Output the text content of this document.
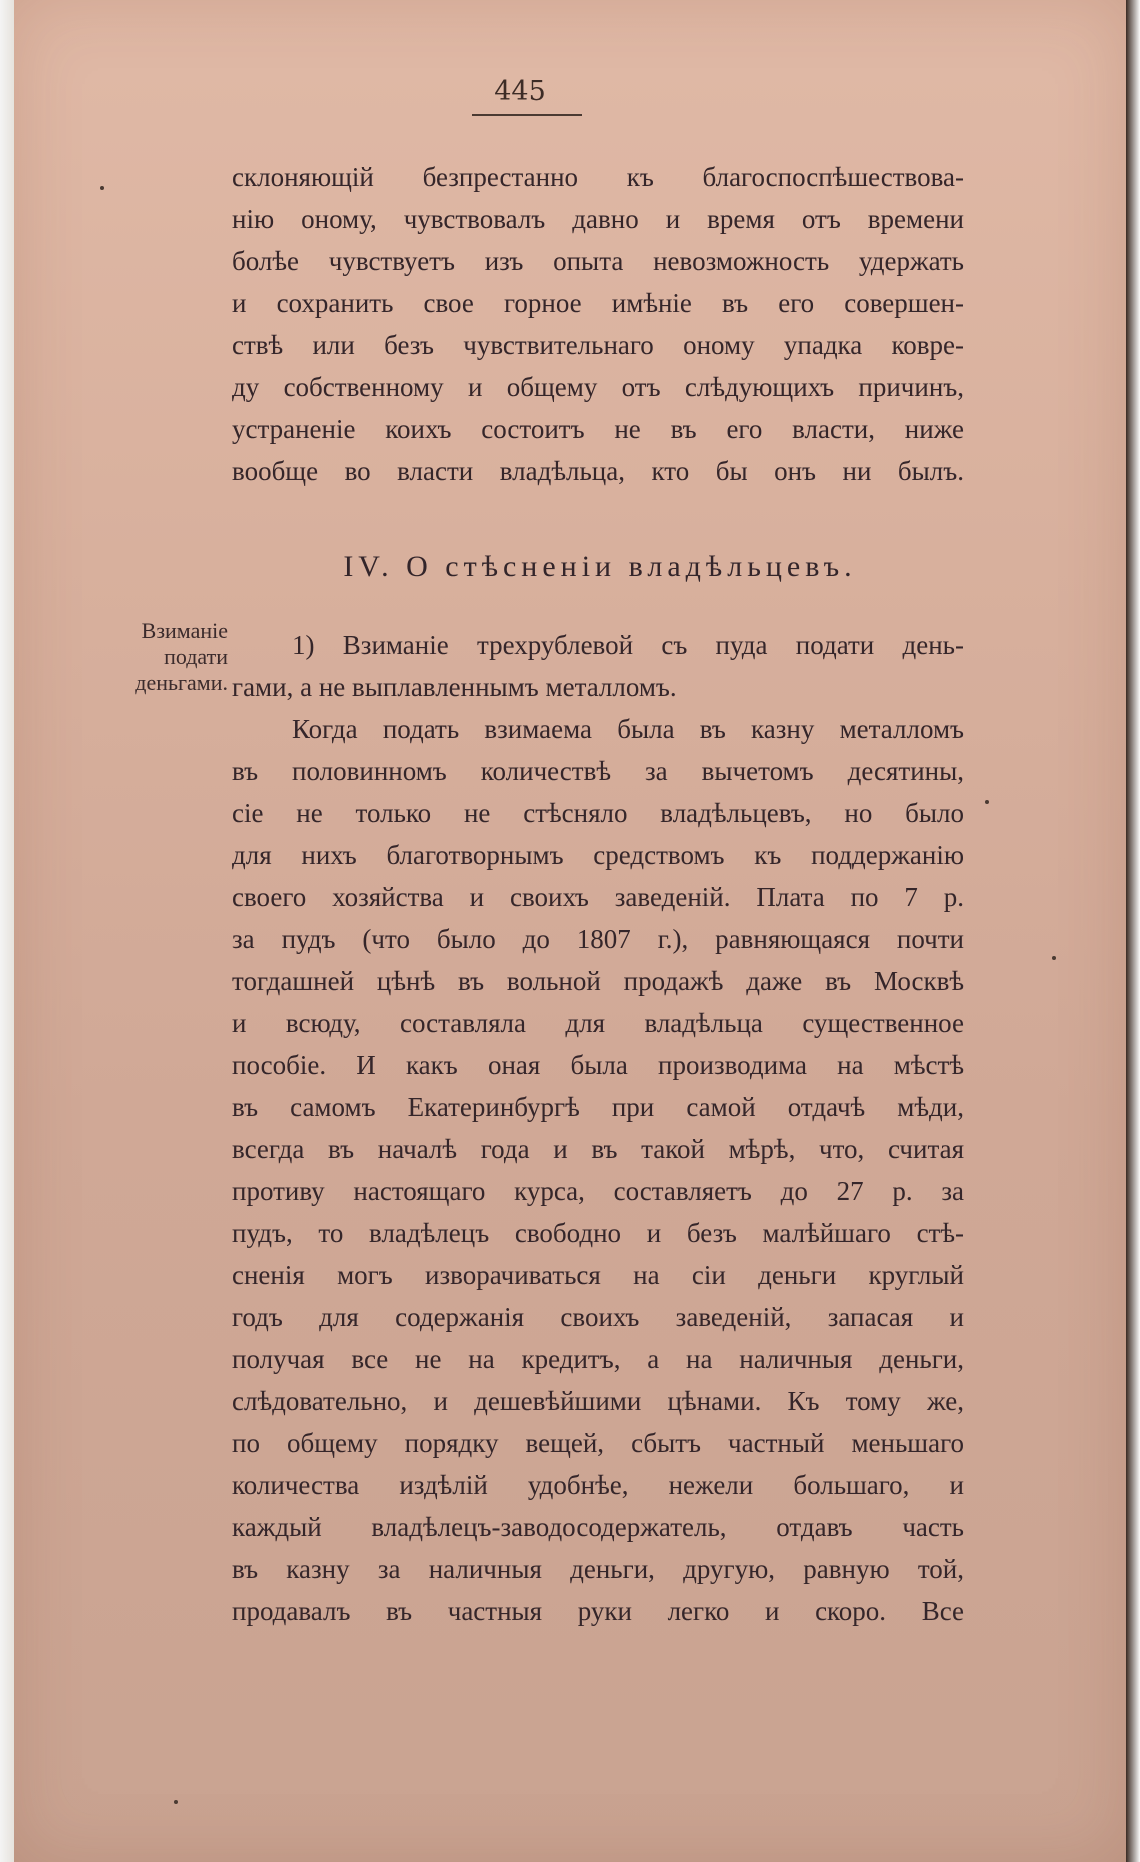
445
склоняющій безпрестанно къ благоспоспѣшествова-
нію оному, чувствовалъ давно и время отъ времени
болѣе чувствуетъ изъ опыта невозможность удержать
и сохранить свое горное имѣніе въ его совершен-
ствѣ или безъ чувствительнаго оному упадка ковре-
ду собственному и общему отъ слѣдующихъ причинъ,
устраненіе коихъ состоитъ не въ его власти, ниже
вообще во власти владѣльца, кто бы онъ ни былъ.
IV. О стѣсненіи владѣльцевъ.
Взиманіе
подати
деньгами.
1) Взиманіе трехрублевой съ пуда подати день-
гами, а не выплавленнымъ металломъ.
Когда подать взимаема была въ казну металломъ
въ половинномъ количествѣ за вычетомъ десятины,
сіе не только не стѣсняло владѣльцевъ, но было
для нихъ благотворнымъ средствомъ къ поддержанію
своего хозяйства и своихъ заведеній. Плата по 7 р.
за пудъ (что было до 1807 г.), равняющаяся почти
тогдашней цѣнѣ въ вольной продажѣ даже въ Москвѣ
и всюду, составляла для владѣльца существенное
пособіе. И какъ оная была производима на мѣстѣ
въ самомъ Екатеринбургѣ при самой отдачѣ мѣди,
всегда въ началѣ года и въ такой мѣрѣ, что, считая
противу настоящаго курса, составляетъ до 27 р. за
пудъ, то владѣлецъ свободно и безъ малѣйшаго стѣ-
сненія могъ изворачиваться на сіи деньги круглый
годъ для содержанія своихъ заведеній, запасая и
получая все не на кредитъ, а на наличныя деньги,
слѣдовательно, и дешевѣйшими цѣнами. Къ тому же,
по общему порядку вещей, сбытъ частный меньшаго
количества издѣлій удобнѣе, нежели большаго, и
каждый владѣлецъ-заводосодержатель, отдавъ часть
въ казну за наличныя деньги, другую, равную той,
продавалъ въ частныя руки легко и скоро. Все
